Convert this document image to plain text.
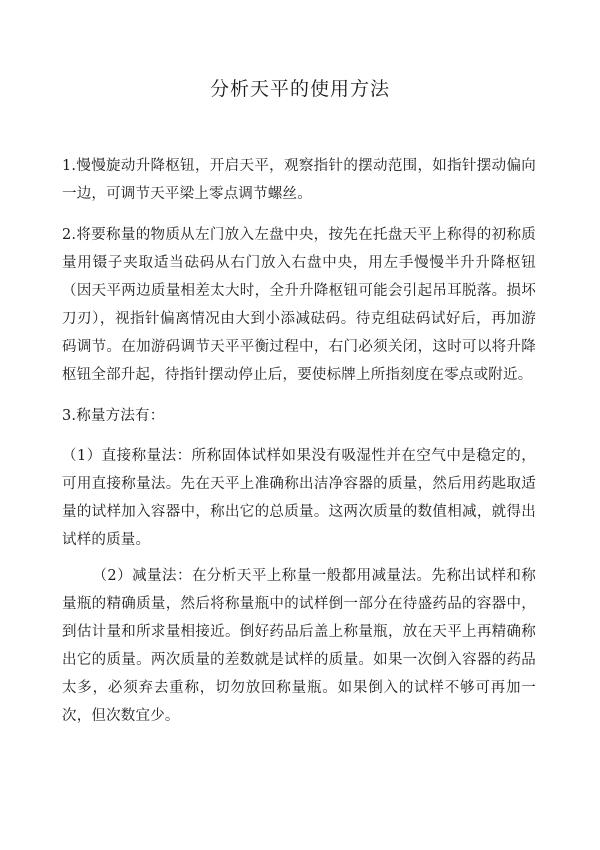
分析天平的使用方法

1.慢慢旋动升降枢钮，开启天平，观察指针的摆动范围，如指针摆动偏向一边，可调节天平梁上零点调节螺丝。

2.将要称量的物质从左门放入左盘中央，按先在托盘天平上称得的初称质量用镊子夹取适当砝码从右门放入右盘中央，用左手慢慢半升升降枢钮（因天平两边质量相差太大时，全升升降枢钮可能会引起吊耳脱落。损坏刀刃），视指针偏离情况由大到小添减砝码。待克组砝码试好后，再加游码调节。在加游码调节天平平衡过程中，右门必须关闭，这时可以将升降枢钮全部升起，待指针摆动停止后，要使标牌上所指刻度在零点或附近。

3.称量方法有：

（1）直接称量法：所称固体试样如果没有吸湿性并在空气中是稳定的，可用直接称量法。先在天平上准确称出洁净容器的质量，然后用药匙取适量的试样加入容器中，称出它的总质量。这两次质量的数值相减，就得出试样的质量。

（2）减量法：在分析天平上称量一般都用减量法。先称出试样和称量瓶的精确质量，然后将称量瓶中的试样倒一部分在待盛药品的容器中，到估计量和所求量相接近。倒好药品后盖上称量瓶，放在天平上再精确称出它的质量。两次质量的差数就是试样的质量。如果一次倒入容器的药品太多，必须弃去重称，切勿放回称量瓶。如果倒入的试样不够可再加一次，但次数宜少。
